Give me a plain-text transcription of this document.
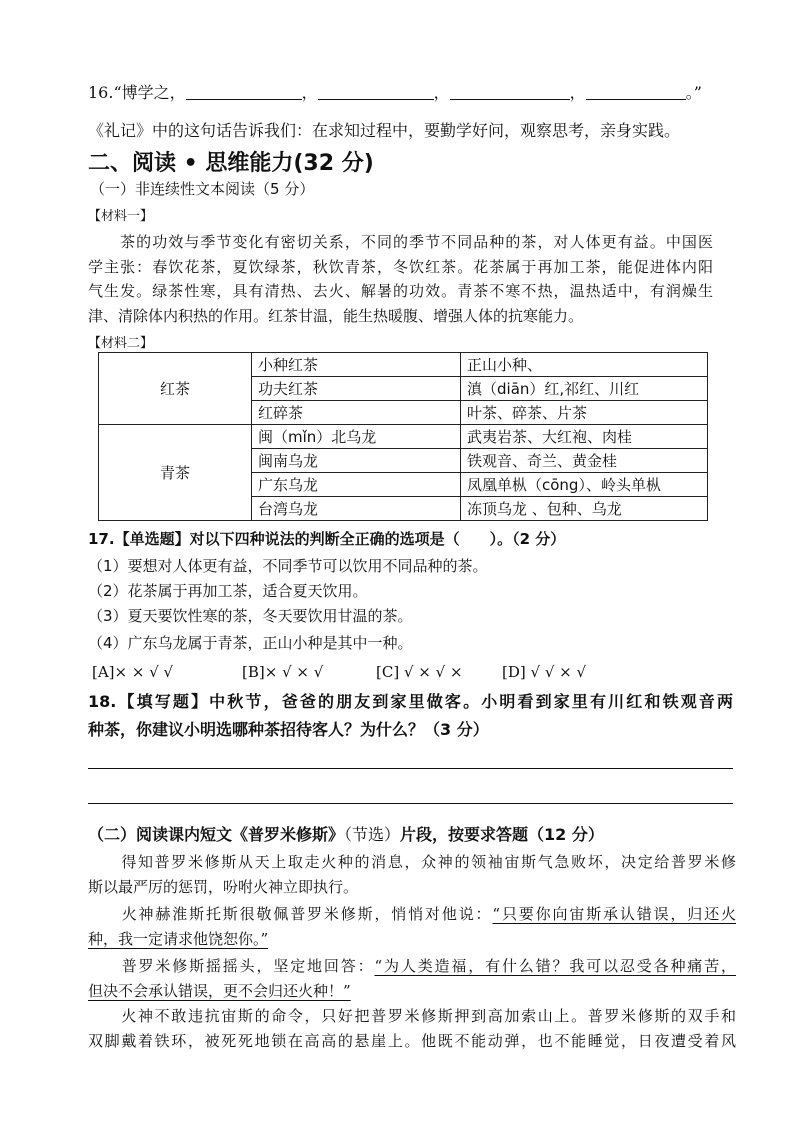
16.“博学之，	，	，	，	。”
《礼记》中的这句话告诉我们：在求知过程中，要勤学好问，观察思考，亲身实践。
二、阅读 • 思维能力(32 分)
（一）非连续性文本阅读（5 分）
【材料一】
　　茶的功效与季节变化有密切关系，不同的季节不同品种的茶，对人体更有益。中国医
学主张：春饮花茶，夏饮绿茶，秋饮青茶，冬饮红茶。花茶属于再加工茶，能促进体内阳
气生发。绿茶性寒，具有清热、去火、解暑的功效。青茶不寒不热，温热适中，有润燥生
津、清除体内积热的作用。红茶甘温，能生热暖腹、增强人体的抗寒能力。
【材料二】
红茶	小种红茶	正山小种、
	功夫红茶	滇（diān）红,祁红、川红
	红碎茶	叶茶、碎茶、片茶
青茶	闽（mǐn）北乌龙	武夷岩茶、大红袍、肉桂
	闽南乌龙	铁观音、奇兰、黄金桂
	广东乌龙	凤凰单枞（cōng）、岭头单枞
	台湾乌龙	冻顶乌龙 、包种、乌龙
17.【单选题】对以下四种说法的判断全正确的选项是（　　）。（2 分）
（1）要想对人体更有益，不同季节可以饮用不同品种的茶。
（2）花茶属于再加工茶，适合夏天饮用。
（3）夏天要饮性寒的茶，冬天要饮用甘温的茶。
（4）广东乌龙属于青茶，正山小种是其中一种。
[A]× × √ √	[B]× √ × √	[C] √ × √ ×	[D] √ √ × √
18.【填写题】中秋节，爸爸的朋友到家里做客。小明看到家里有川红和铁观音两
种茶，你建议小明选哪种茶招待客人？为什么？（3 分）
（二）阅读课内短文《普罗米修斯》（节选）片段，按要求答题（12 分）
　　得知普罗米修斯从天上取走火种的消息，众神的领袖宙斯气急败坏，决定给普罗米修
斯以最严厉的惩罚，吩咐火神立即执行。
　　火神赫淮斯托斯很敬佩普罗米修斯，悄悄对他说：“只要你向宙斯承认错误，归还火
种，我一定请求他饶恕你。”
　　普罗米修斯摇摇头，坚定地回答：“为人类造福，有什么错？我可以忍受各种痛苦，
但决不会承认错误，更不会归还火种！”
　　火神不敢违抗宙斯的命令，只好把普罗米修斯押到高加索山上。普罗米修斯的双手和
双脚戴着铁环，被死死地锁在高高的悬崖上。他既不能动弹，也不能睡觉，日夜遭受着风
